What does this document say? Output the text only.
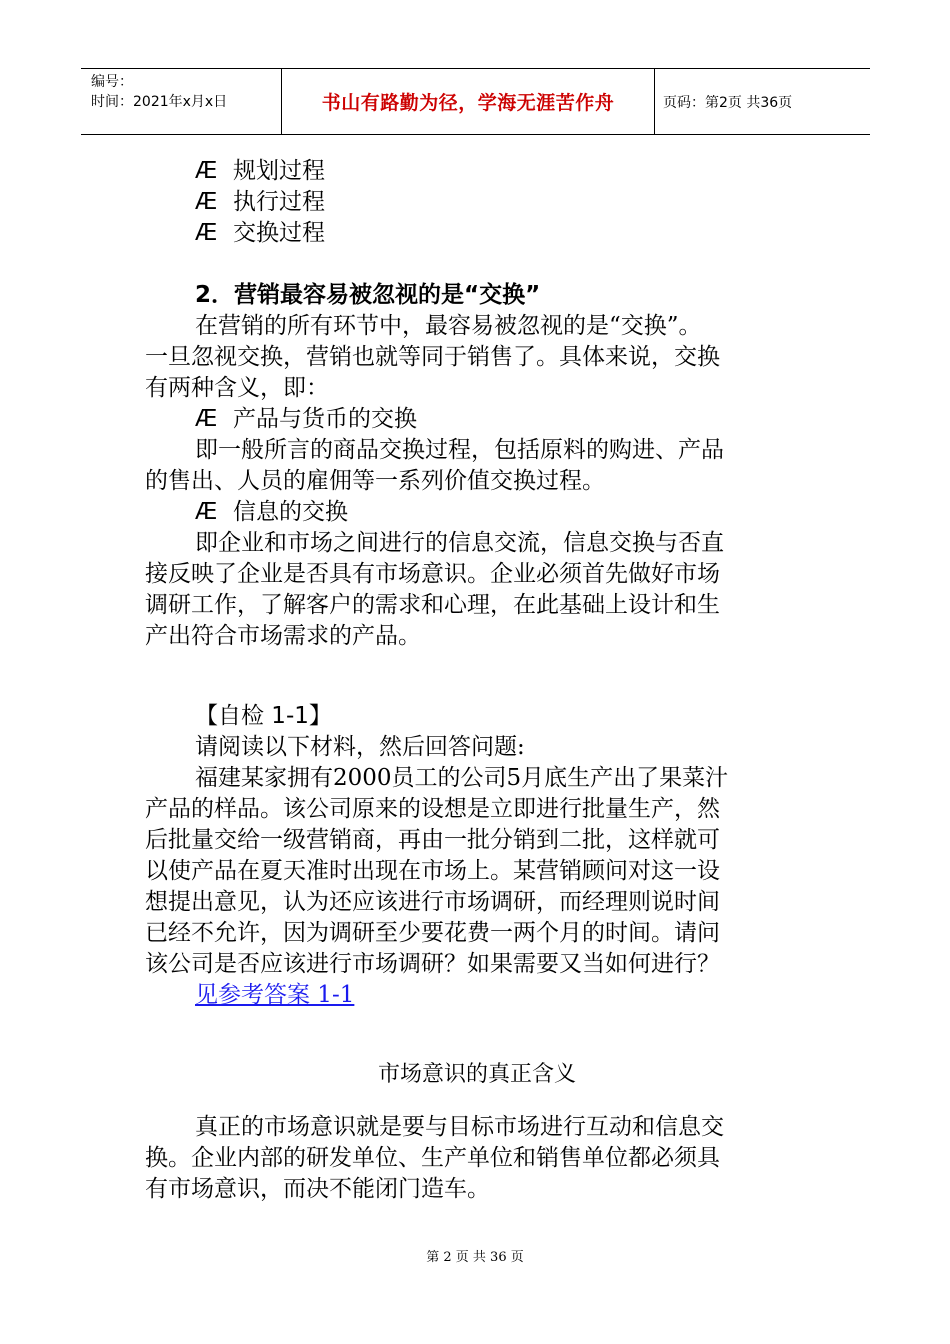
编号：
时间：2021年x月x日	书山有路勤为径，学海无涯苦作舟	页码：第2页 共36页
Æ 规划过程
Æ 执行过程
Æ 交换过程
2．营销最容易被忽视的是“交换”
在营销的所有环节中，最容易被忽视的是“交换”。
一旦忽视交换，营销也就等同于销售了。具体来说，交换
有两种含义，即：
Æ 产品与货币的交换
即一般所言的商品交换过程，包括原料的购进、产品
的售出、人员的雇佣等一系列价值交换过程。
Æ 信息的交换
即企业和市场之间进行的信息交流，信息交换与否直
接反映了企业是否具有市场意识。企业必须首先做好市场
调研工作，了解客户的需求和心理，在此基础上设计和生
产出符合市场需求的产品。
【自检 1-1】
请阅读以下材料，然后回答问题:
福建某家拥有2000员工的公司5月底生产出了果菜汁
产品的样品。该公司原来的设想是立即进行批量生产，然
后批量交给一级营销商，再由一批分销到二批，这样就可
以使产品在夏天准时出现在市场上。某营销顾问对这一设
想提出意见，认为还应该进行市场调研，而经理则说时间
已经不允许，因为调研至少要花费一两个月的时间。请问
该公司是否应该进行市场调研？如果需要又当如何进行？
见参考答案 1-1
市场意识的真正含义
真正的市场意识就是要与目标市场进行互动和信息交
换。企业内部的研发单位、生产单位和销售单位都必须具
有市场意识，而决不能闭门造车。
第 2 页 共 36 页
